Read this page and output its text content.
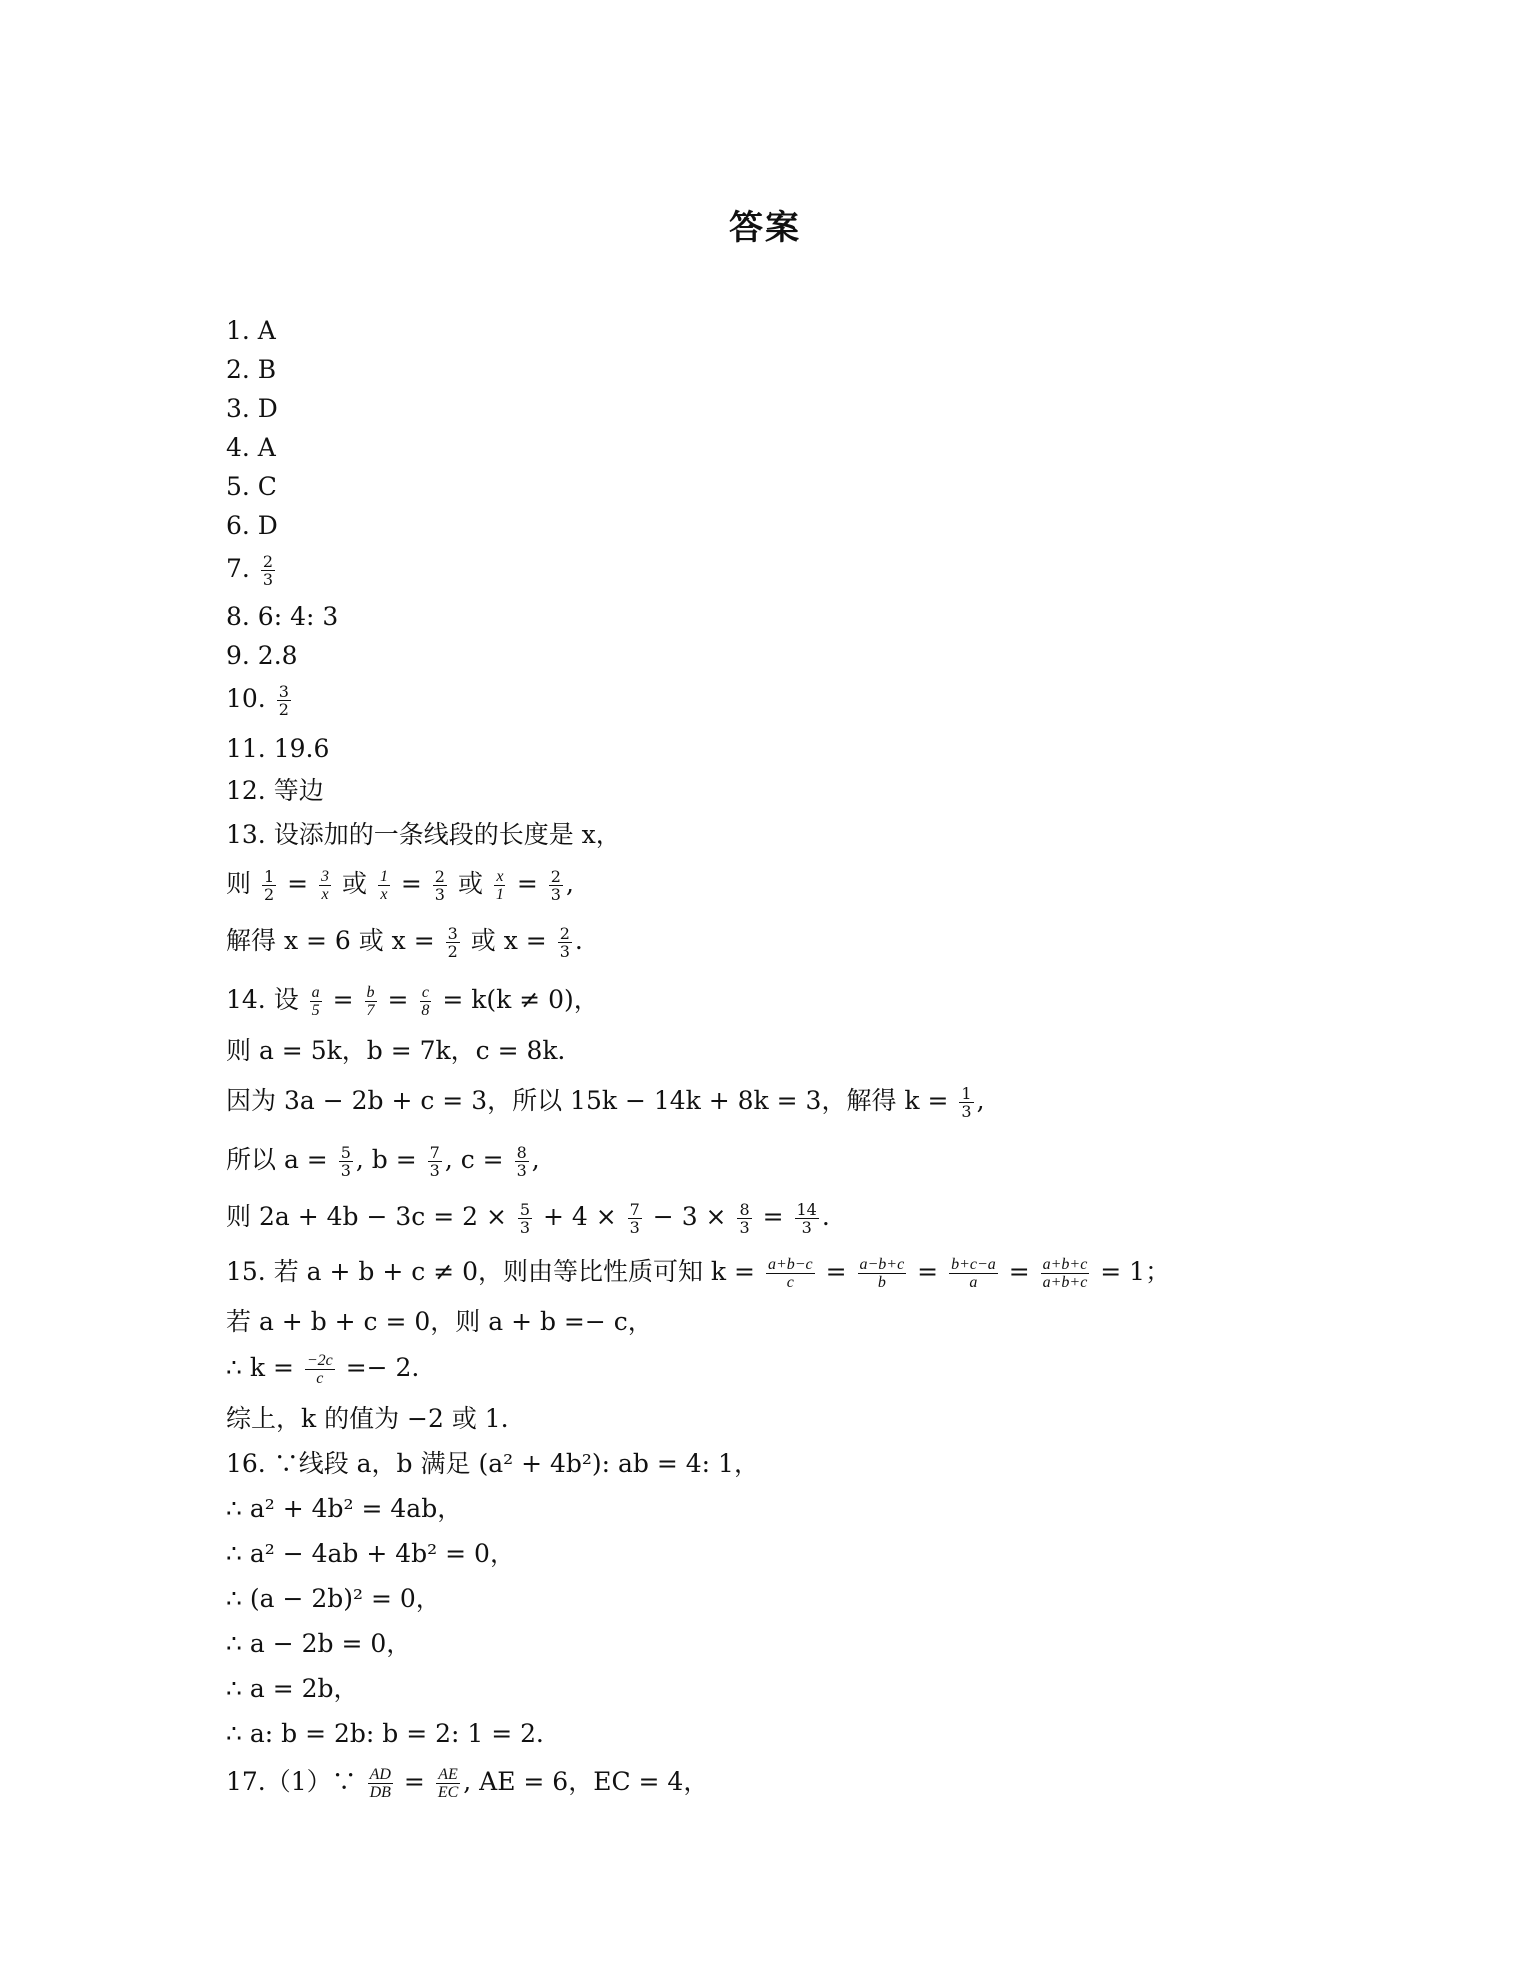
答案
1. A
2. B
3. D
4. A
5. C
6. D
7. $\frac{2}{3}$
8. 6: 4: 3
9. 2.8
10. $\frac{3}{2}$
11. 19.6
12. 等边
13. 设添加的一条线段的长度是 x，
则 $\frac{1}{2} = \frac{3}{x}$ 或 $\frac{1}{x} = \frac{2}{3}$ 或 $\frac{x}{1} = \frac{2}{3}$ ,
解得 x = 6 或 $x = \frac{3}{2}$ 或 $x = \frac{2}{3}$ .
14. 设 $\frac{a}{5} = \frac{b}{7} = \frac{c}{8} = k(k \ne 0)$，
则 a = 5k，b = 7k，c = 8k．
因为 3a − 2b + c = 3，所以 15k − 14k + 8k = 3，解得 $k = \frac{1}{3}$ ,
所以 $a = \frac{5}{3}$ , $b = \frac{7}{3}$ , $c = \frac{8}{3}$ ,
则 $2a + 4b - 3c = 2 \times \frac{5}{3} + 4 \times \frac{7}{3} - 3 \times \frac{8}{3} = \frac{14}{3}$ .
15. 若 a + b + c ≠ 0，则由等比性质可知 $k = \frac{a+b-c}{c} = \frac{a-b+c}{b} = \frac{b+c-a}{a} = \frac{a+b+c}{a+b+c} = 1$；
若 a + b + c = 0，则 a + b =− c，
∴ $k = \frac{-2c}{c} =- 2$．
综上，k 的值为 −2 或 1．
16. ∵线段 a，b 满足 (a² + 4b²): ab = 4: 1，
∴ a² + 4b² = 4ab，
∴ a² − 4ab + 4b² = 0，
∴ (a − 2b)² = 0，
∴ a − 2b = 0，
∴ a = 2b，
∴ a: b = 2b: b = 2: 1 = 2．
17.（1）∵ $\frac{AD}{DB} = \frac{AE}{EC}$ , AE = 6，EC = 4，
